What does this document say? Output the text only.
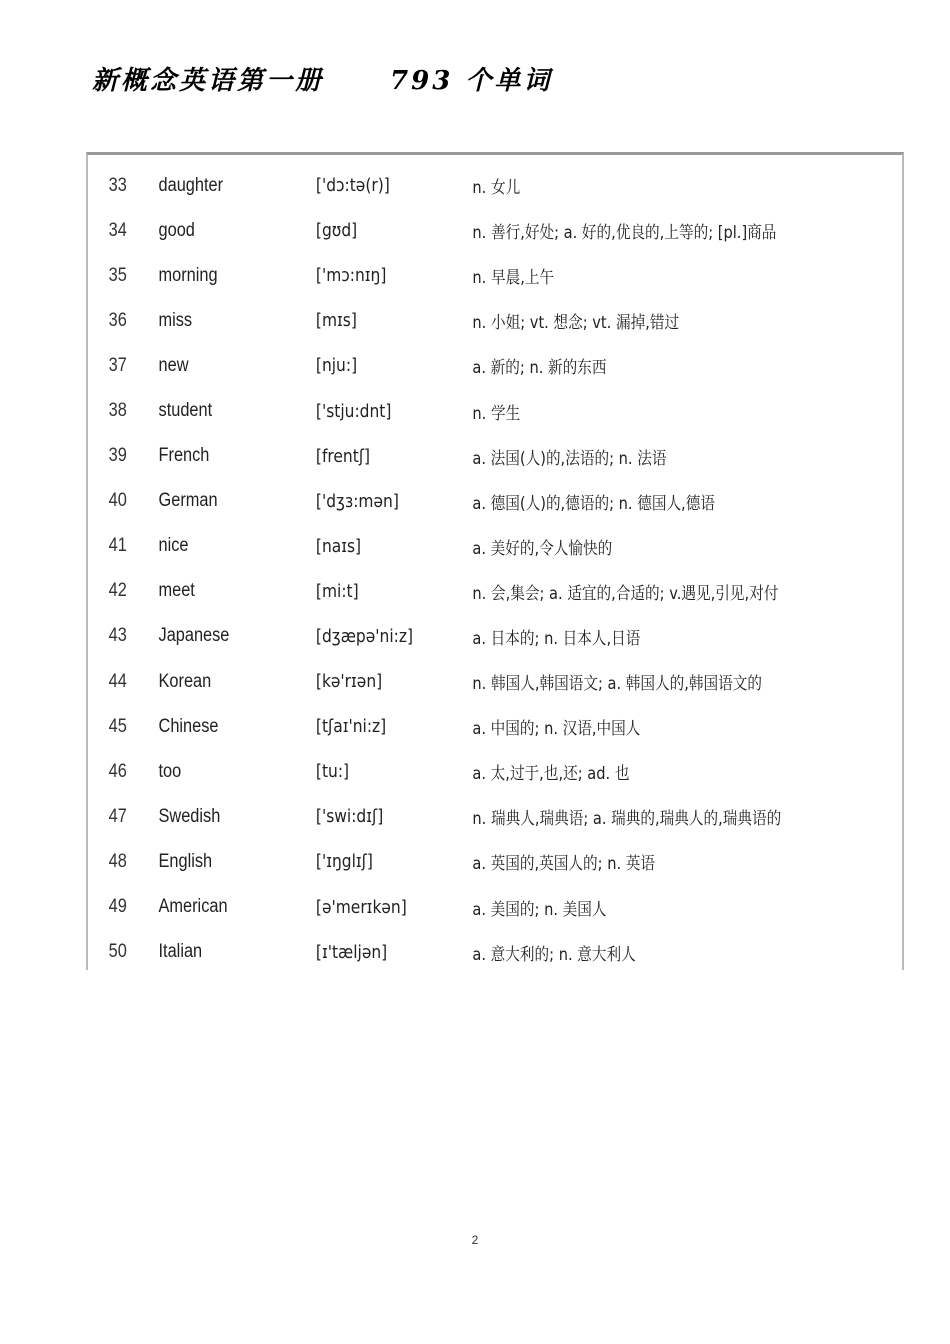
新概念英语第一册	793 个单词
33	daughter	['dɔ:tə(r)]	n. 女儿
34	good	[gʊd]	n. 善行,好处; a. 好的,优良的,上等的; [pl.]商品
35	morning	['mɔ:nɪŋ]	n. 早晨,上午
36	miss	[mɪs]	n. 小姐; vt. 想念; vt. 漏掉,错过
37	new	[nju:]	a. 新的; n. 新的东西
38	student	['stju:dnt]	n. 学生
39	French	[frentʃ]	a. 法国(人)的,法语的; n. 法语
40	German	['dʒɜ:mən]	a. 德国(人)的,德语的; n. 德国人,德语
41	nice	[naɪs]	a. 美好的,令人愉快的
42	meet	[mi:t]	n. 会,集会; a. 适宜的,合适的; v.遇见,引见,对付
43	Japanese	[dʒæpə'ni:z]	a. 日本的; n. 日本人,日语
44	Korean	[kə'rɪən]	n. 韩国人,韩国语文; a. 韩国人的,韩国语文的
45	Chinese	[tʃaɪ'ni:z]	a. 中国的; n. 汉语,中国人
46	too	[tu:]	a. 太,过于,也,还; ad. 也
47	Swedish	['swi:dɪʃ]	n. 瑞典人,瑞典语; a. 瑞典的,瑞典人的,瑞典语的
48	English	['ɪŋglɪʃ]	a. 英国的,英国人的; n. 英语
49	American	[ə'merɪkən]	a. 美国的; n. 美国人
50	Italian	[ɪ'tæljən]	a. 意大利的; n. 意大利人
2
